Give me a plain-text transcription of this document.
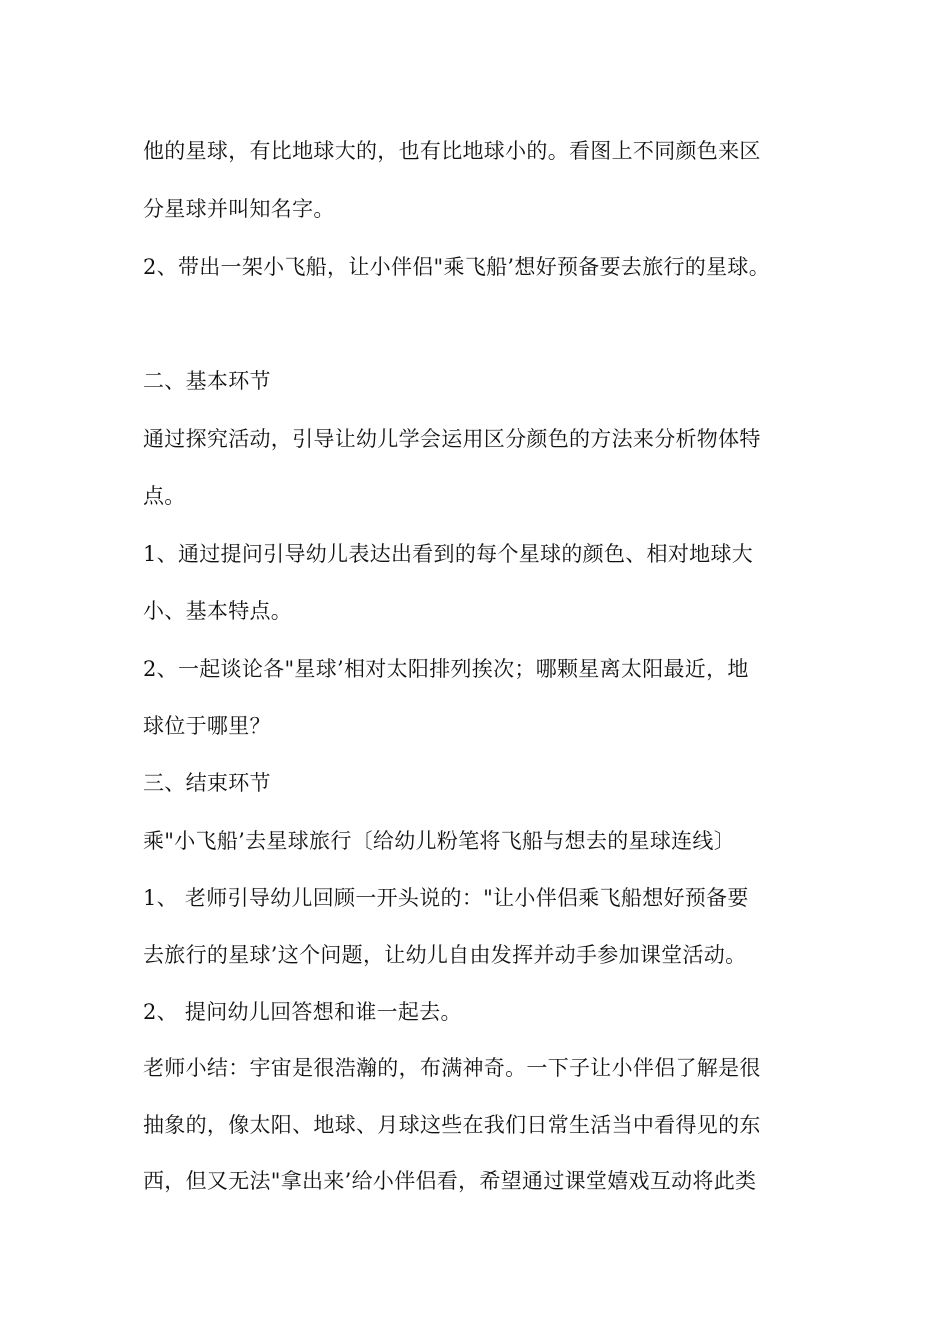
他的星球，有比地球大的，也有比地球小的。看图上不同颜色来区
分星球并叫知名字。
2、带出一架小飞船，让小伴侣"乘飞船’想好预备要去旅行的星球。
二、基本环节
通过探究活动，引导让幼儿学会运用区分颜色的方法来分析物体特
点。
1、通过提问引导幼儿表达出看到的每个星球的颜色、相对地球大
小、基本特点。
2、一起谈论各"星球’相对太阳排列挨次；哪颗星离太阳最近，地
球位于哪里？
三、结束环节
乘"小飞船’去星球旅行〔给幼儿粉笔将飞船与想去的星球连线〕
1、 老师引导幼儿回顾一开头说的："让小伴侣乘飞船想好预备要
去旅行的星球’这个问题，让幼儿自由发挥并动手参加课堂活动。
2、 提问幼儿回答想和谁一起去。
老师小结：宇宙是很浩瀚的，布满神奇。一下子让小伴侣了解是很
抽象的，像太阳、地球、月球这些在我们日常生活当中看得见的东
西，但又无法"拿出来’给小伴侣看，希望通过课堂嬉戏互动将此类
